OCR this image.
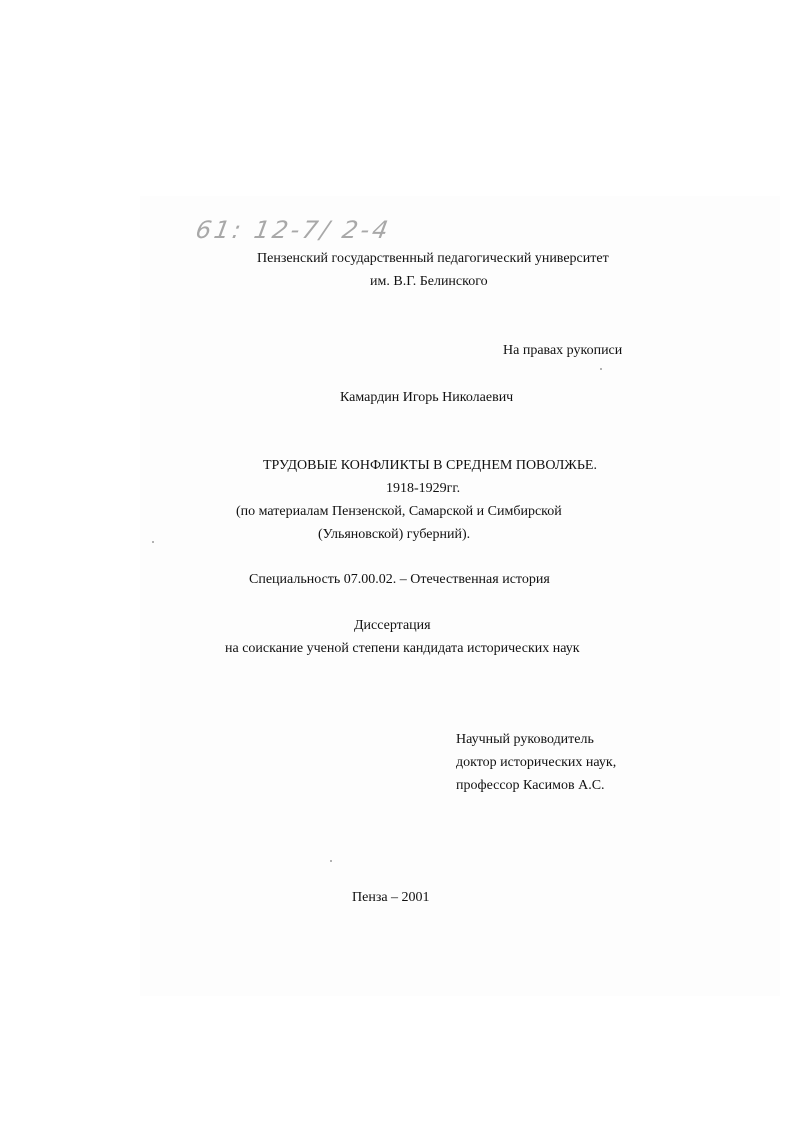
61: 12-7/ 2-4
Пензенский государственный педагогический университет
им. В.Г. Белинского
На правах рукописи
Камардин Игорь Николаевич
ТРУДОВЫЕ КОНФЛИКТЫ В СРЕДНЕМ ПОВОЛЖЬЕ.
1918-1929гг.
(по материалам Пензенской, Самарской и Симбирской
(Ульяновской) губерний).
Специальность 07.00.02. – Отечественная история
Диссертация
на соискание ученой степени кандидата исторических наук
Научный руководитель
доктор исторических наук,
профессор Касимов А.С.
Пенза – 2001
